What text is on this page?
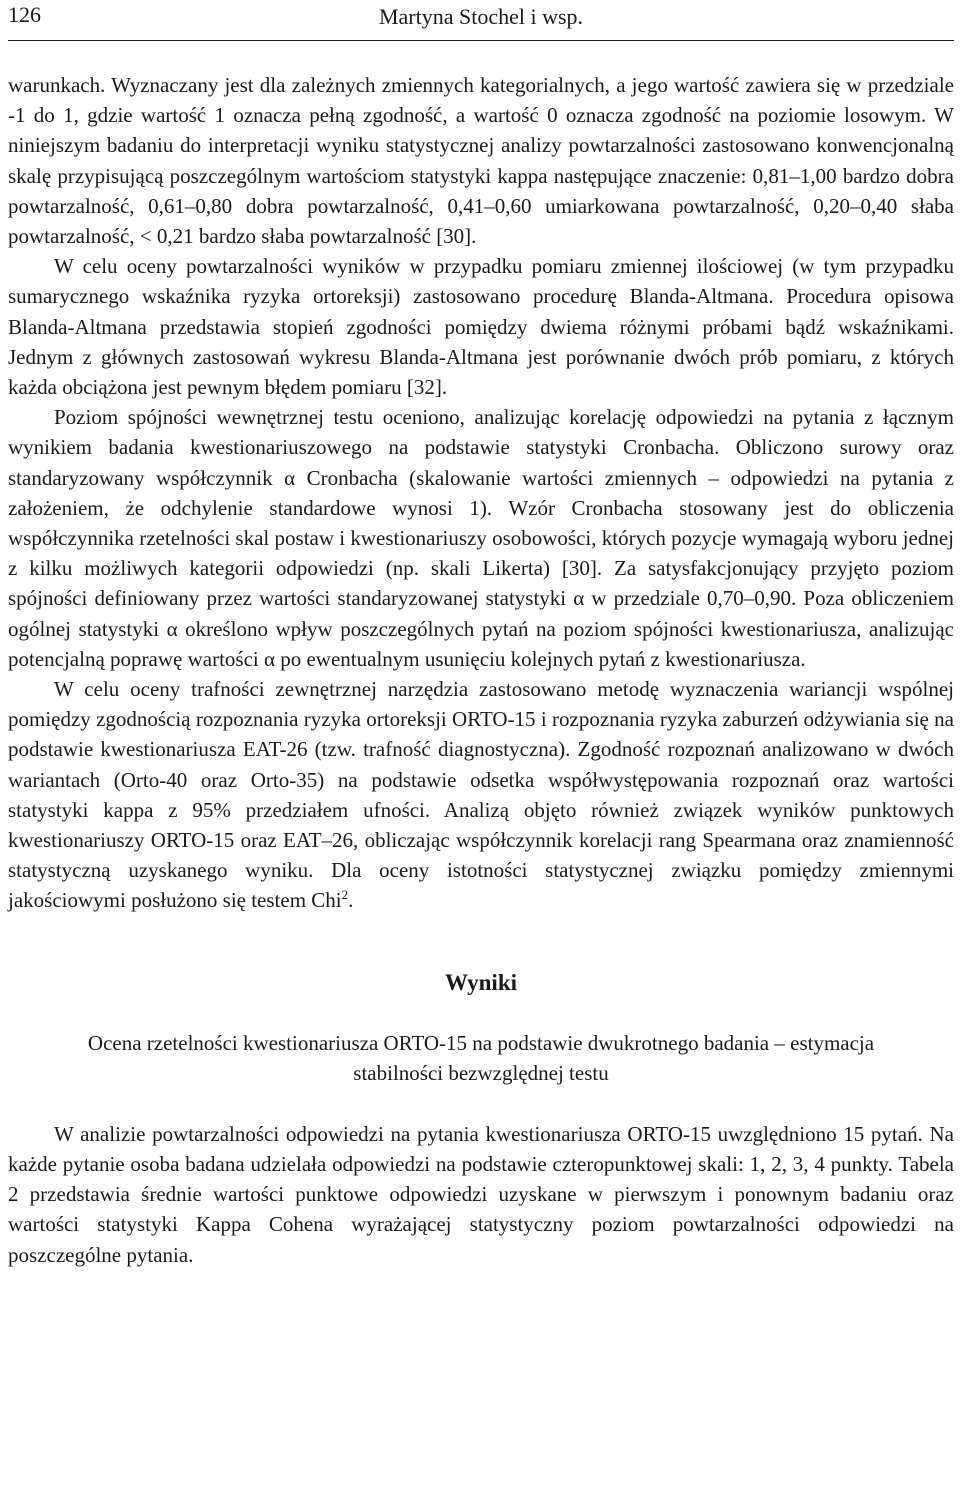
126	Martyna Stochel i wsp.

warunkach. Wyznaczany jest dla zależnych zmiennych kategorialnych, a jego wartość zawiera się w przedziale -1 do 1, gdzie wartość 1 oznacza pełną zgodność, a wartość 0 oznacza zgodność na poziomie losowym. W niniejszym badaniu do interpretacji wyniku statystycznej analizy powtarzalności zastosowano konwencjonalną skalę przypisującą poszczególnym wartościom statystyki kappa następujące znaczenie: 0,81–1,00 bardzo dobra powtarzalność, 0,61–0,80 dobra powtarzalność, 0,41–0,60 umiarkowana powtarzalność, 0,20–0,40 słaba powtarzalność, < 0,21 bardzo słaba powtarzalność [30].

W celu oceny powtarzalności wyników w przypadku pomiaru zmiennej ilościowej (w tym przypadku sumarycznego wskaźnika ryzyka ortoreksji) zastosowano procedurę Blanda-Altmana. Procedura opisowa Blanda-Altmana przedstawia stopień zgodności pomiędzy dwiema różnymi próbami bądź wskaźnikami. Jednym z głównych zastosowań wykresu Blanda-Altmana jest porównanie dwóch prób pomiaru, z których każda obciążona jest pewnym błędem pomiaru [32].

Poziom spójności wewnętrznej testu oceniono, analizując korelację odpowiedzi na pytania z łącznym wynikiem badania kwestionariuszowego na podstawie statystyki Cronbacha. Obliczono surowy oraz standaryzowany współczynnik α Cronbacha (skalowanie wartości zmiennych – odpowiedzi na pytania z założeniem, że odchylenie standardowe wynosi 1). Wzór Cronbacha stosowany jest do obliczenia współczynnika rzetelności skal postaw i kwestionariuszy osobowości, których pozycje wymagają wyboru jednej z kilku możliwych kategorii odpowiedzi (np. skali Likerta) [30]. Za satysfakcjonujący przyjęto poziom spójności definiowany przez wartości standaryzowanej statystyki α w przedziale 0,70–0,90. Poza obliczeniem ogólnej statystyki α określono wpływ poszczególnych pytań na poziom spójności kwestionariusza, analizując potencjalną poprawę wartości α po ewentualnym usunięciu kolejnych pytań z kwestionariusza.

W celu oceny trafności zewnętrznej narzędzia zastosowano metodę wyznaczenia wariancji wspólnej pomiędzy zgodnością rozpoznania ryzyka ortoreksji ORTO-15 i rozpoznania ryzyka zaburzeń odżywiania się na podstawie kwestionariusza EAT-26 (tzw. trafność diagnostyczna). Zgodność rozpoznań analizowano w dwóch wariantach (Orto-40 oraz Orto-35) na podstawie odsetka współwystępowania rozpoznań oraz wartości statystyki kappa z 95% przedziałem ufności. Analizą objęto również związek wyników punktowych kwestionariuszy ORTO-15 oraz EAT–26, obliczając współczynnik korelacji rang Spearmana oraz znamienność statystyczną uzyskanego wyniku. Dla oceny istotności statystycznej związku pomiędzy zmiennymi jakościowymi posłużono się testem Chi$^2$.

Wyniki
Ocena rzetelności kwestionariusza ORTO-15 na podstawie dwukrotnego badania – estymacja stabilności bezwzględnej testu

W analizie powtarzalności odpowiedzi na pytania kwestionariusza ORTO-15 uwzględniono 15 pytań. Na każde pytanie osoba badana udzielała odpowiedzi na podstawie czteropunktowej skali: 1, 2, 3, 4 punkty. Tabela 2 przedstawia średnie wartości punktowe odpowiedzi uzyskane w pierwszym i ponownym badaniu oraz wartości statystyki Kappa Cohena wyrażającej statystyczny poziom powtarzalności odpowiedzi na poszczególne pytania.
